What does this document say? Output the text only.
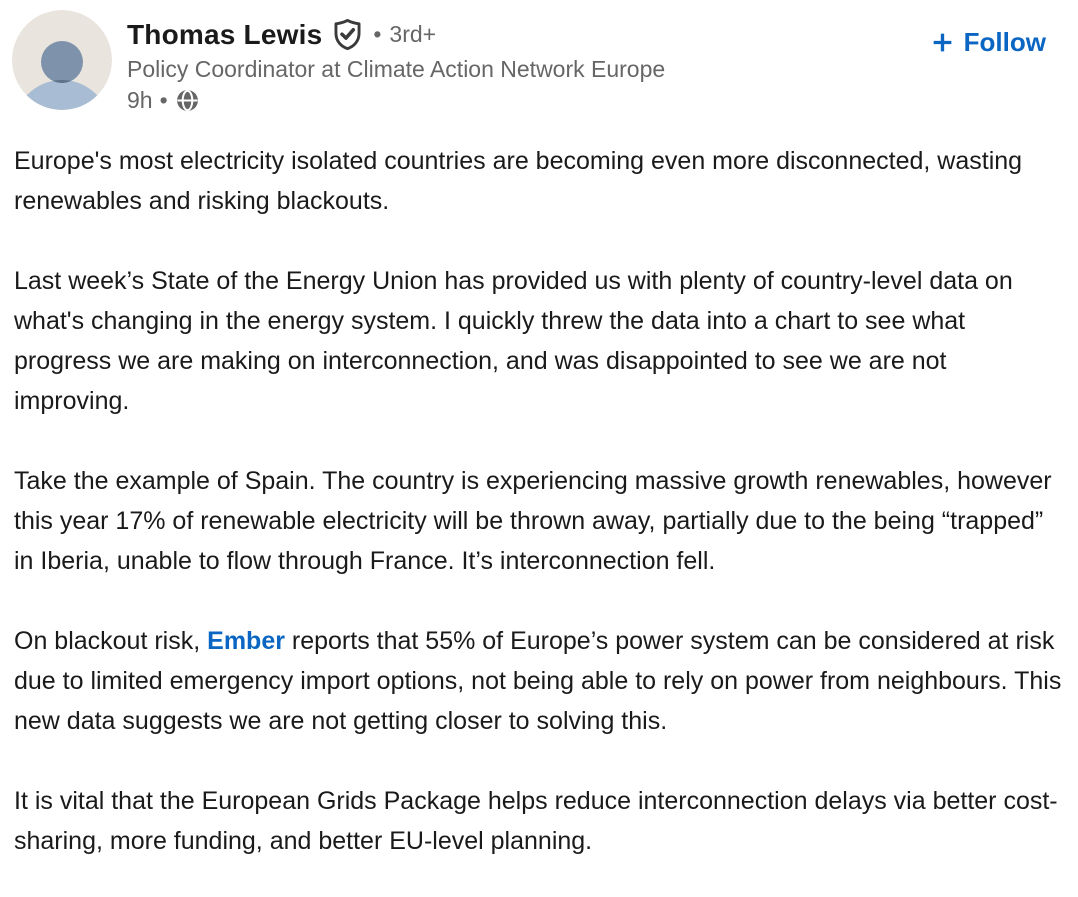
Thomas Lewis • 3rd+
Policy Coordinator at Climate Action Network Europe
9h •
Follow

Europe's most electricity isolated countries are becoming even more disconnected, wasting renewables and risking blackouts.

Last week’s State of the Energy Union has provided us with plenty of country-level data on what's changing in the energy system. I quickly threw the data into a chart to see what progress we are making on interconnection, and was disappointed to see we are not improving.

Take the example of Spain. The country is experiencing massive growth renewables, however this year 17% of renewable electricity will be thrown away, partially due to the being “trapped” in Iberia, unable to flow through France. It’s interconnection fell.

On blackout risk, Ember reports that 55% of Europe’s power system can be considered at risk due to limited emergency import options, not being able to rely on power from neighbours. This new data suggests we are not getting closer to solving this.

It is vital that the European Grids Package helps reduce interconnection delays via better cost-sharing, more funding, and better EU-level planning.
